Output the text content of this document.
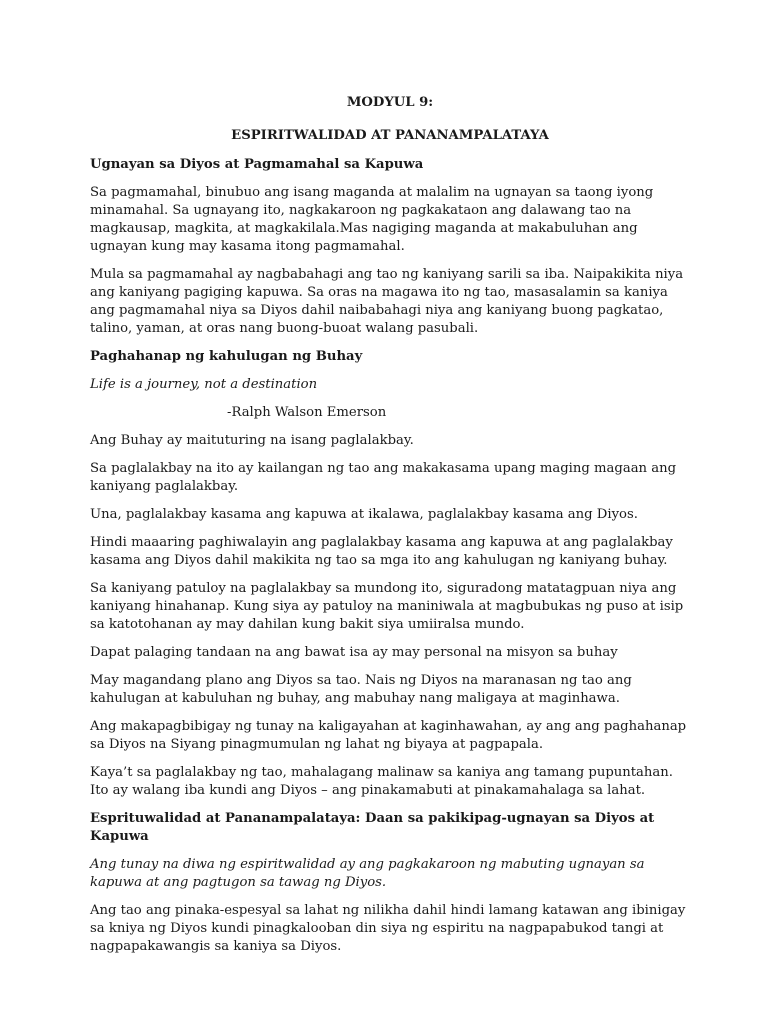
MODYUL 9:
ESPIRITWALIDAD AT PANANAMPALATAYA
Ugnayan sa Diyos at Pagmamahal sa Kapuwa

Sa pagmamahal, binubuo ang isang maganda at malalim na ugnayan sa taong iyong minamahal. Sa ugnayang ito, nagkakaroon ng pagkakataon ang dalawang tao na magkausap, magkita, at magkakilala.Mas nagiging maganda at makabuluhan ang ugnayan kung may kasama itong pagmamahal.

Mula sa pagmamahal ay nagbabahagi ang tao ng kaniyang sarili sa iba. Naipakikita niya ang kaniyang pagiging kapuwa. Sa oras na magawa ito ng tao, masasalamin sa kaniya ang pagmamahal niya sa Diyos dahil naibabahagi niya ang kaniyang buong pagkatao, talino, yaman, at oras nang buong-buoat walang pasubali.

Paghahanap ng kahulugan ng Buhay

Life is a journey, not a destination

-Ralph Walson Emerson

Ang Buhay ay maituturing na isang paglalakbay.

Sa paglalakbay na ito ay kailangan ng tao ang makakasama upang maging magaan ang kaniyang paglalakbay.

Una, paglalakbay kasama ang kapuwa at ikalawa, paglalakbay kasama ang Diyos.

Hindi maaaring paghiwalayin ang paglalakbay kasama ang kapuwa at ang paglalakbay kasama ang Diyos dahil makikita ng tao sa mga ito ang kahulugan ng kaniyang buhay.

Sa kaniyang patuloy na paglalakbay sa mundong ito, siguradong matatagpuan niya ang kaniyang hinahanap. Kung siya ay patuloy na maniniwala at magbubukas ng puso at isip sa katotohanan ay may dahilan kung bakit siya umiiralsa mundo.

Dapat palaging tandaan na ang bawat isa ay may personal na misyon sa buhay

May magandang plano ang Diyos sa tao. Nais ng Diyos na maranasan ng tao ang kahulugan at kabuluhan ng buhay, ang mabuhay nang maligaya at maginhawa.

Ang makapagbibigay ng tunay na kaligayahan at kaginhawahan, ay ang ang paghahanap sa Diyos na Siyang pinagmumulan ng lahat ng biyaya at pagpapala.

Kaya’t sa paglalakbay ng tao, mahalagang malinaw sa kaniya ang tamang pupuntahan. Ito ay walang iba kundi ang Diyos – ang pinakamabuti at pinakamahalaga sa lahat.

Esprituwalidad at Pananampalataya: Daan sa pakikipag-ugnayan sa Diyos at Kapuwa

Ang tunay na diwa ng espiritwalidad ay ang pagkakaroon ng mabuting ugnayan sa kapuwa at ang pagtugon sa tawag ng Diyos.

Ang tao ang pinaka-espesyal sa lahat ng nilikha dahil hindi lamang katawan ang ibinigay sa kniya ng Diyos kundi pinagkalooban din siya ng espiritu na nagpapabukod tangi at nagpapakawangis sa kaniya sa Diyos.
